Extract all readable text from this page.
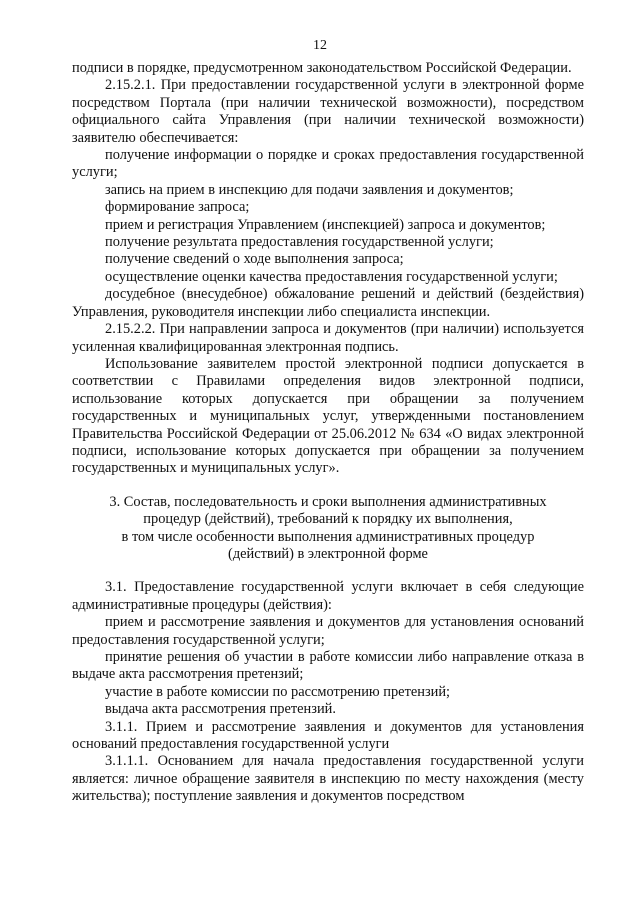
12

подписи в порядке, предусмотренном законодательством Российской Федерации.

2.15.2.1. При предоставлении государственной услуги в электронной форме посредством Портала (при наличии технической возможности), посредством официального сайта Управления (при наличии технической возможности) заявителю обеспечивается:

получение информации о порядке и сроках предоставления государственной услуги;

запись на прием в инспекцию для подачи заявления и документов;

формирование запроса;

прием и регистрация Управлением (инспекцией) запроса и документов;

получение результата предоставления государственной услуги;

получение сведений о ходе выполнения запроса;

осуществление оценки качества предоставления государственной услуги;

досудебное (внесудебное) обжалование решений и действий (бездействия) Управления, руководителя инспекции либо специалиста инспекции.

2.15.2.2. При направлении запроса и документов (при наличии) используется усиленная квалифицированная электронная подпись.

Использование заявителем простой электронной подписи допускается в соответствии с Правилами определения видов электронной подписи, использование которых допускается при обращении за получением государственных и муниципальных услуг, утвержденными постановлением Правительства Российской Федерации от 25.06.2012 № 634 «О видах электронной подписи, использование которых допускается при обращении за получением государственных и муниципальных услуг».

3. Состав, последовательность и сроки выполнения административных

процедур (действий), требований к порядку их выполнения,

в том числе особенности выполнения административных процедур

(действий) в электронной форме

3.1. Предоставление государственной услуги включает в себя следующие административные процедуры (действия):

прием и рассмотрение заявления и документов для установления оснований предоставления государственной услуги;

принятие решения об участии в работе комиссии либо направление отказа в выдаче акта рассмотрения претензий;

участие в работе комиссии по рассмотрению претензий;

выдача акта рассмотрения претензий.

3.1.1. Прием и рассмотрение заявления и документов для установления оснований предоставления государственной услуги

3.1.1.1. Основанием для начала предоставления государственной услуги является: личное обращение заявителя в инспекцию по месту нахождения (месту жительства); поступление заявления и документов посредством
